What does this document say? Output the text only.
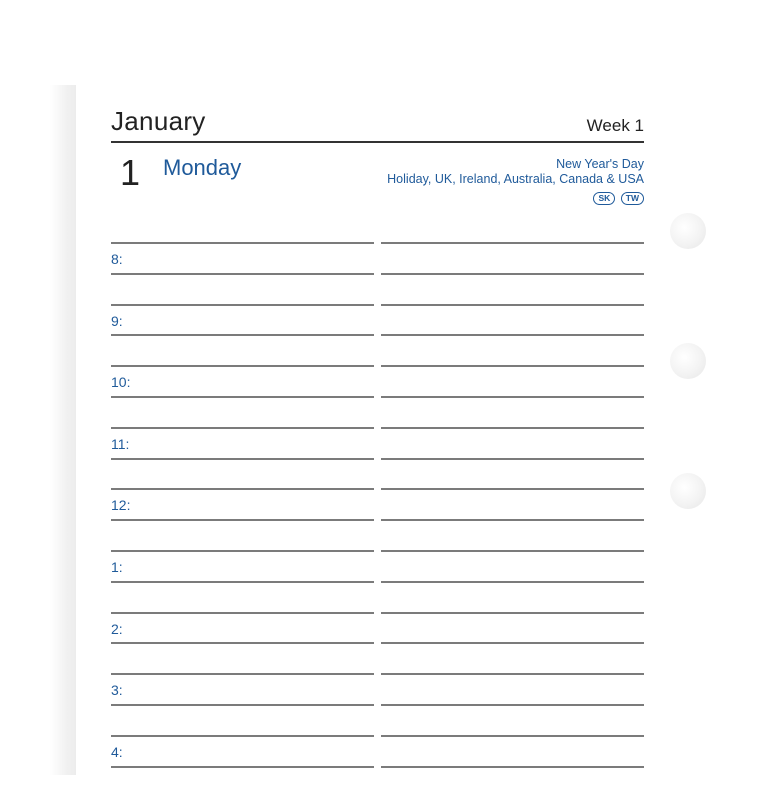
January	Week 1
1 Monday	New Year's Day
Holiday, UK, Ireland, Australia, Canada & USA
SK TW
8:
9:
10:
11:
12:
1:
2:
3:
4:
